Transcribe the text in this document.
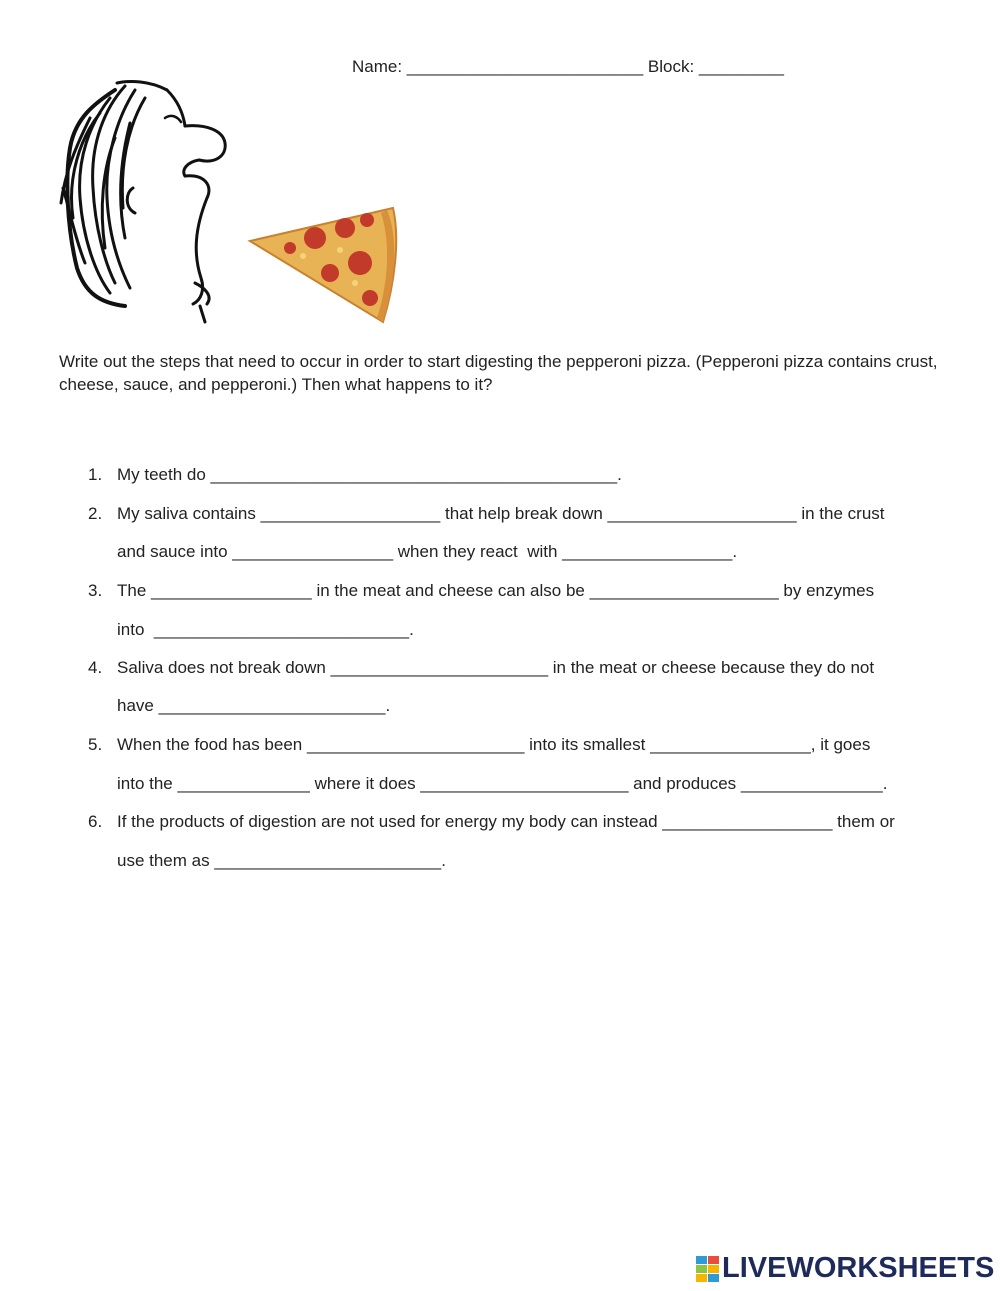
Name: _________________________ Block: _________
Write out the steps that need to occur in order to start digesting the pepperoni pizza. (Pepperoni pizza contains crust, cheese, sauce, and pepperoni.) Then what happens to it?
1. My teeth do ___________________________________________.
2. My saliva contains ___________________ that help break down ____________________ in the crust
and sauce into _________________ when they react  with __________________.
3. The _________________ in the meat and cheese can also be ____________________ by enzymes
into  ___________________________.
4. Saliva does not break down _______________________ in the meat or cheese because they do not
have ________________________.
5. When the food has been _______________________ into its smallest _________________, it goes
into the ______________ where it does ______________________ and produces _______________.
6. If the products of digestion are not used for energy my body can instead __________________ them or
use them as ________________________.
LIVEWORKSHEETS
